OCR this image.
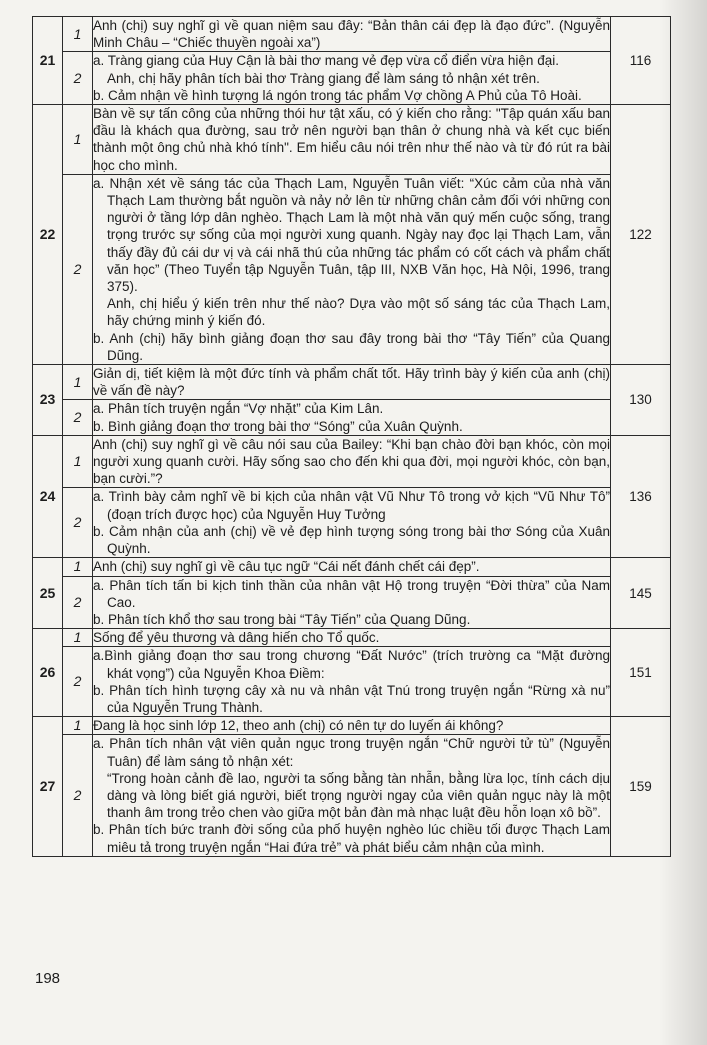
21	1	Anh (chị) suy nghĩ gì về quan niệm sau đây: “Bản thân cái đẹp là đạo đức”. (Nguyễn Minh Châu – “Chiếc thuyền ngoài xa”)	116

	2	a. Tràng giang của Huy Cận là bài thơ mang vẻ đẹp vừa cổ điển vừa hiện đại.
Anh, chị hãy phân tích bài thơ Tràng giang để làm sáng tỏ nhận xét trên.
b. Cảm nhận về hình tượng lá ngón trong tác phẩm Vợ chồng A Phủ của Tô Hoài.	

22	1	Bàn về sự tấn công của những thói hư tật xấu, có ý kiến cho rằng: "Tập quán xấu ban đầu là khách qua đường, sau trở nên người bạn thân ở chung nhà và kết cục biến thành một ông chủ nhà khó tính". Em hiểu câu nói trên như thế nào và từ đó rút ra bài học cho mình.	122

	2	a. Nhận xét về sáng tác của Thạch Lam, Nguyễn Tuân viết: “Xúc cảm của nhà văn Thạch Lam thường bắt nguồn và nảy nở lên từ những chân cảm đối với những con người ở tầng lớp dân nghèo. Thạch Lam là một nhà văn quý mến cuộc sống, trang trọng trước sự sống của mọi người xung quanh. Ngày nay đọc lại Thạch Lam, vẫn thấy đầy đủ cái dư vị và cái nhã thú của những tác phẩm có cốt cách và phẩm chất văn học” (Theo Tuyển tập Nguyễn Tuân, tập III, NXB Văn học, Hà Nội, 1996, trang 375).
Anh, chị hiểu ý kiến trên như thế nào? Dựa vào một số sáng tác của Thạch Lam, hãy chứng minh ý kiến đó.
b. Anh (chị) hãy bình giảng đoạn thơ sau đây trong bài thơ “Tây Tiến” của Quang Dũng.	

23	1	Giản dị, tiết kiệm là một đức tính và phẩm chất tốt. Hãy trình bày ý kiến của anh (chị) về vấn đề này?	130

	2	a. Phân tích truyện ngắn “Vợ nhặt” của Kim Lân.
b. Bình giảng đoạn thơ trong bài thơ “Sóng” của Xuân Quỳnh.	

24	1	Anh (chị) suy nghĩ gì về câu nói sau của Bailey: “Khi bạn chào đời bạn khóc, còn mọi người xung quanh cười. Hãy sống sao cho đến khi qua đời, mọi người khóc, còn bạn, bạn cười.”?	136

	2	a. Trình bày cảm nghĩ về bi kịch của nhân vật Vũ Như Tô trong vở kịch “Vũ Như Tô” (đoạn trích được học) của Nguyễn Huy Tưởng
b. Cảm nhận của anh (chị) về vẻ đẹp hình tượng sóng trong bài thơ Sóng của Xuân Quỳnh.	

25	1	Anh (chị) suy nghĩ gì về câu tục ngữ “Cái nết đánh chết cái đẹp”.	145

	2	a. Phân tích tấn bi kịch tinh thần của nhân vật Hộ trong truyện “Đời thừa” của Nam Cao.
b. Phân tích khổ thơ sau trong bài “Tây Tiến” của Quang Dũng.	

26	1	Sống để yêu thương và dâng hiến cho Tổ quốc.	151

	2	a.Bình giảng đoạn thơ sau trong chương “Đất Nước” (trích trường ca “Mặt đường khát vọng”) của Nguyễn Khoa Điềm:
b. Phân tích hình tượng cây xà nu và nhân vật Tnú trong truyện ngắn “Rừng xà nu” của Nguyễn Trung Thành.	

27	1	Đang là học sinh lớp 12, theo anh (chị) có nên tự do luyến ái không?	159

	2	a. Phân tích nhân vật viên quản ngục trong truyện ngắn “Chữ người tử tù” (Nguyễn Tuân) để làm sáng tỏ nhận xét:
“Trong hoàn cảnh đề lao, người ta sống bằng tàn nhẫn, bằng lừa lọc, tính cách dịu dàng và lòng biết giá người, biết trọng người ngay của viên quản ngục này là một thanh âm trong trẻo chen vào giữa một bản đàn mà nhạc luật đều hỗn loạn xô bồ”.
b. Phân tích bức tranh đời sống của phố huyện nghèo lúc chiều tối được Thạch Lam miêu tả trong truyện ngắn “Hai đứa trẻ” và phát biểu cảm nhận của mình.	
198
